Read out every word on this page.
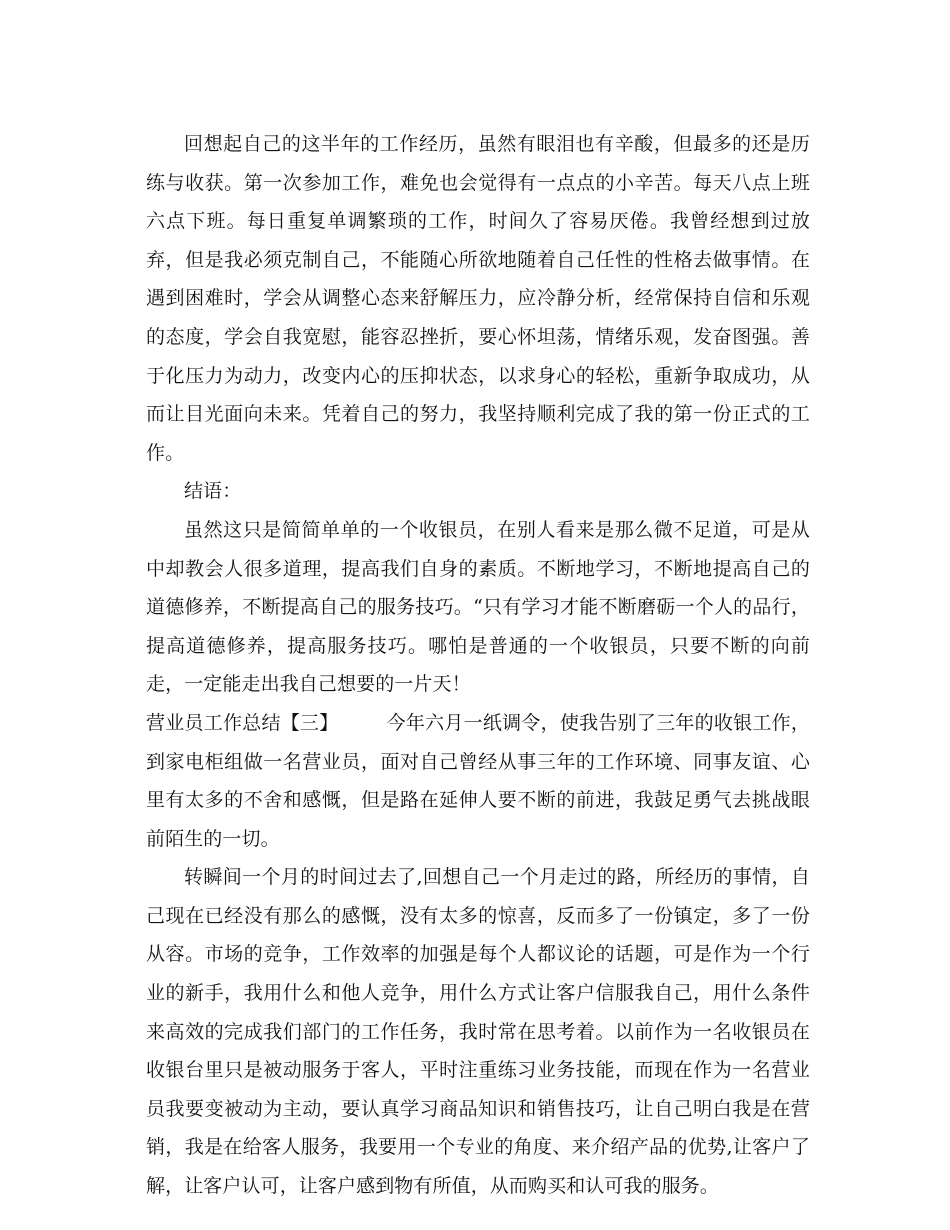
回想起自己的这半年的工作经历，虽然有眼泪也有辛酸，但最多的还是历练与收获。第一次参加工作，难免也会觉得有一点点的小辛苦。每天八点上班六点下班。每日重复单调繁琐的工作，时间久了容易厌倦。我曾经想到过放弃，但是我必须克制自己，不能随心所欲地随着自己任性的性格去做事情。在遇到困难时，学会从调整心态来舒解压力，应冷静分析，经常保持自信和乐观的态度，学会自我宽慰，能容忍挫折，要心怀坦荡，情绪乐观，发奋图强。善于化压力为动力，改变内心的压抑状态，以求身心的轻松，重新争取成功，从而让目光面向未来。凭着自己的努力，我坚持顺利完成了我的第一份正式的工作。

结语：

虽然这只是简简单单的一个收银员，在别人看来是那么微不足道，可是从中却教会人很多道理，提高我们自身的素质。不断地学习，不断地提高自己的道德修养，不断提高自己的服务技巧。“只有学习才能不断磨砺一个人的品行，提高道德修养，提高服务技巧。哪怕是普通的一个收银员，只要不断的向前走，一定能走出我自己想要的一片天！

营业员工作总结【三】	今年六月一纸调令，使我告别了三年的收银工作，到家电柜组做一名营业员，面对自己曾经从事三年的工作环境、同事友谊、心里有太多的不舍和感慨，但是路在延伸人要不断的前进，我鼓足勇气去挑战眼前陌生的一切。

转瞬间一个月的时间过去了,回想自己一个月走过的路，所经历的事情，自己现在已经没有那么的感慨，没有太多的惊喜，反而多了一份镇定，多了一份从容。市场的竞争，工作效率的加强是每个人都议论的话题，可是作为一个行业的新手，我用什么和他人竞争，用什么方式让客户信服我自己，用什么条件来高效的完成我们部门的工作任务，我时常在思考着。以前作为一名收银员在收银台里只是被动服务于客人，平时注重练习业务技能，而现在作为一名营业员我要变被动为主动，要认真学习商品知识和销售技巧，让自己明白我是在营销，我是在给客人服务，我要用一个专业的角度、来介绍产品的优势,让客户了解，让客户认可，让客户感到物有所值，从而购买和认可我的服务。
